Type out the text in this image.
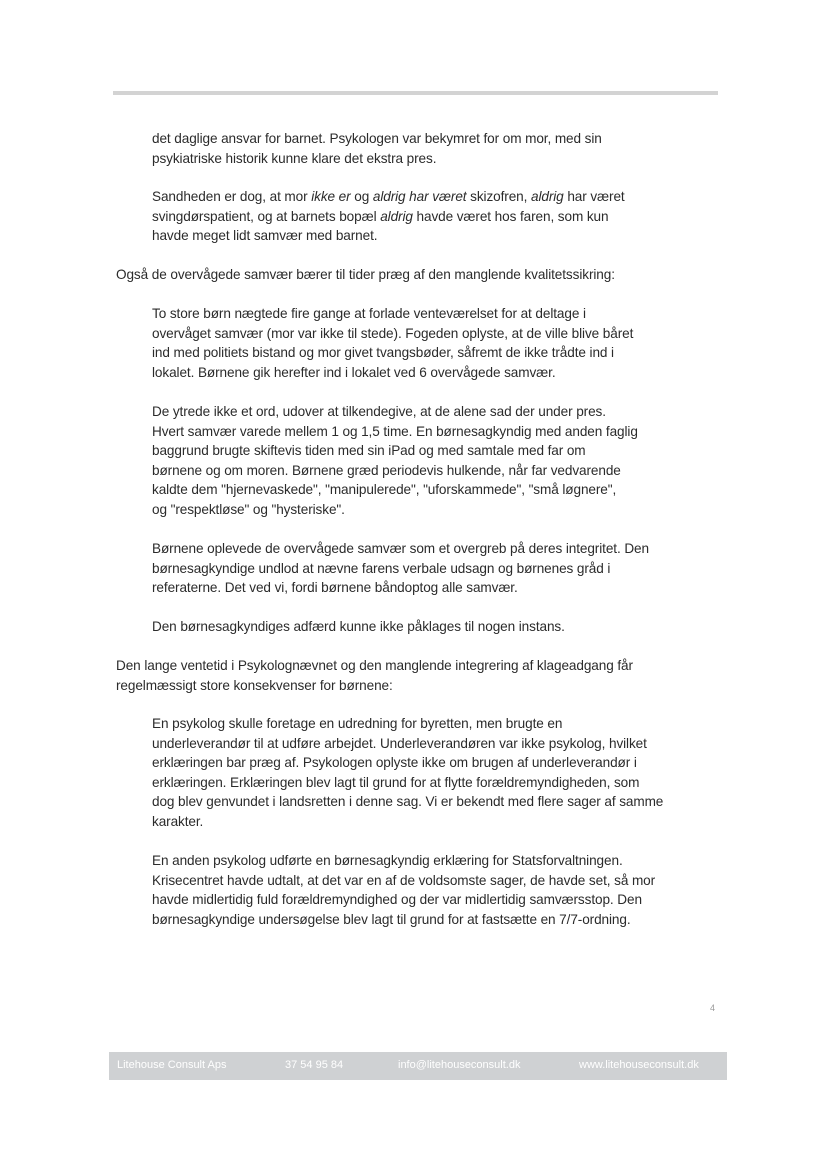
det daglige ansvar for barnet. Psykologen var bekymret for om mor, med sin
psykiatriske historik kunne klare det ekstra pres.

Sandheden er dog, at mor ikke er og aldrig har været skizofren, aldrig har været
svingdørspatient, og at barnets bopæl aldrig havde været hos faren, som kun
havde meget lidt samvær med barnet.

Også de overvågede samvær bærer til tider præg af den manglende kvalitetssikring:

To store børn nægtede fire gange at forlade venteværelset for at deltage i
overvåget samvær (mor var ikke til stede). Fogeden oplyste, at de ville blive båret
ind med politiets bistand og mor givet tvangsbøder, såfremt de ikke trådte ind i
lokalet. Børnene gik herefter ind i lokalet ved 6 overvågede samvær.

De ytrede ikke et ord, udover at tilkendegive, at de alene sad der under pres.
Hvert samvær varede mellem 1 og 1,5 time. En børnesagkyndig med anden faglig
baggrund brugte skiftevis tiden med sin iPad og med samtale med far om
børnene og om moren. Børnene græd periodevis hulkende, når far vedvarende
kaldte dem "hjernevaskede", "manipulerede", "uforskammede", "små løgnere",
og "respektløse" og "hysteriske".

Børnene oplevede de overvågede samvær som et overgreb på deres integritet. Den
børnesagkyndige undlod at nævne farens verbale udsagn og børnenes gråd i
referaterne. Det ved vi, fordi børnene båndoptog alle samvær.

Den børnesagkyndiges adfærd kunne ikke påklages til nogen instans.

Den lange ventetid i Psykolognævnet og den manglende integrering af klageadgang får
regelmæssigt store konsekvenser for børnene:

En psykolog skulle foretage en udredning for byretten, men brugte en
underleverandør til at udføre arbejdet. Underleverandøren var ikke psykolog, hvilket
erklæringen bar præg af. Psykologen oplyste ikke om brugen af underleverandør i
erklæringen. Erklæringen blev lagt til grund for at flytte forældremyndigheden, som
dog blev genvundet i landsretten i denne sag. Vi er bekendt med flere sager af samme
karakter.

En anden psykolog udførte en børnesagkyndig erklæring for Statsforvaltningen.
Krisecentret havde udtalt, at det var en af de voldsomste sager, de havde set, så mor
havde midlertidig fuld forældremyndighed og der var midlertidig samværsstop. Den
børnesagkyndige undersøgelse blev lagt til grund for at fastsætte en 7/7-ordning.

4
Litehouse Consult Aps	37 54 95 84	info@litehouseconsult.dk	www.litehouseconsult.dk
